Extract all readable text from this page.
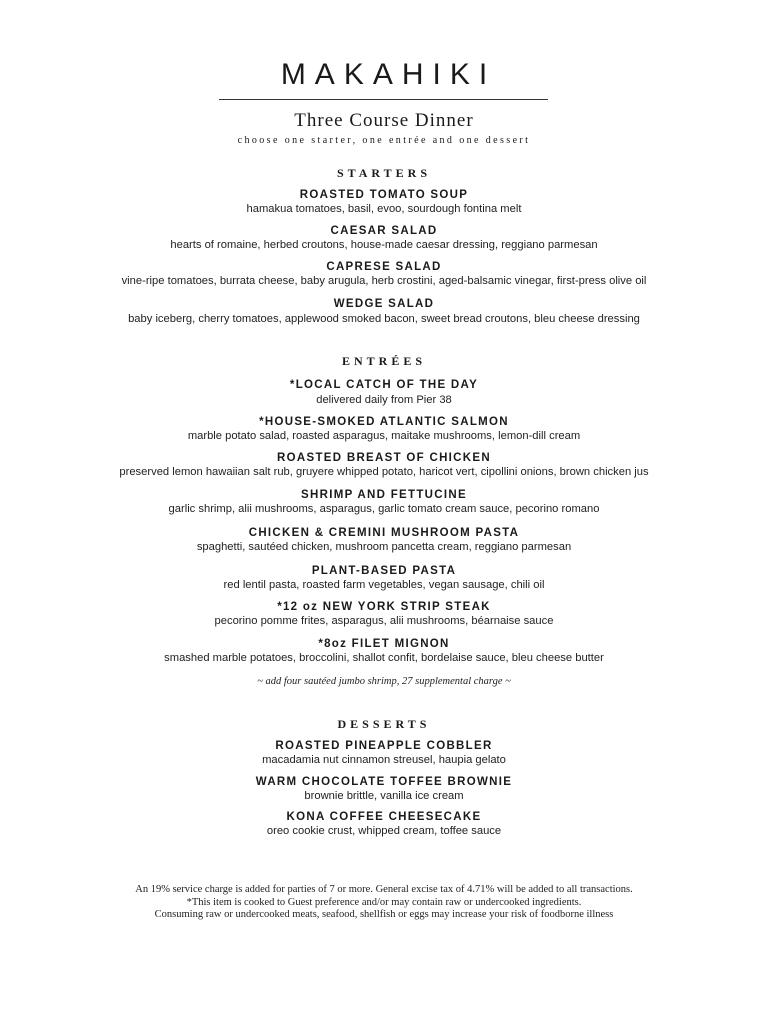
MAKAHIKI
Three Course Dinner
choose one starter, one entrée and one dessert
STARTERS
ROASTED TOMATO SOUP
hamakua tomatoes, basil, evoo, sourdough fontina melt
CAESAR SALAD
hearts of romaine, herbed croutons, house-made caesar dressing, reggiano parmesan
CAPRESE SALAD
vine-ripe tomatoes, burrata cheese, baby arugula, herb crostini, aged-balsamic vinegar, first-press olive oil
WEDGE SALAD
baby iceberg, cherry tomatoes, applewood smoked bacon, sweet bread croutons, bleu cheese dressing
ENTRÉES
*LOCAL CATCH OF THE DAY
delivered daily from Pier 38
*HOUSE-SMOKED ATLANTIC SALMON
marble potato salad, roasted asparagus, maitake mushrooms, lemon-dill cream
ROASTED BREAST OF CHICKEN
preserved lemon hawaiian salt rub, gruyere whipped potato, haricot vert, cipollini onions, brown chicken jus
SHRIMP AND FETTUCINE
garlic shrimp, alii mushrooms, asparagus, garlic tomato cream sauce, pecorino romano
CHICKEN & CREMINI MUSHROOM PASTA
spaghetti, sautéed chicken, mushroom pancetta cream, reggiano parmesan
PLANT-BASED PASTA
red lentil pasta, roasted farm vegetables, vegan sausage, chili oil
*12 oz NEW YORK STRIP STEAK
pecorino pomme frites, asparagus, alii mushrooms, béarnaise sauce
*8oz FILET MIGNON
smashed marble potatoes, broccolini, shallot confit, bordelaise sauce, bleu cheese butter
~ add four sautéed jumbo shrimp, 27 supplemental charge ~
DESSERTS
ROASTED PINEAPPLE COBBLER
macadamia nut cinnamon streusel, haupia gelato
WARM CHOCOLATE TOFFEE BROWNIE
brownie brittle, vanilla ice cream
KONA COFFEE CHEESECAKE
oreo cookie crust, whipped cream, toffee sauce
An 19% service charge is added for parties of 7 or more. General excise tax of 4.71% will be added to all transactions.
*This item is cooked to Guest preference and/or may contain raw or undercooked ingredients.
Consuming raw or undercooked meats, seafood, shellfish or eggs may increase your risk of foodborne illness
